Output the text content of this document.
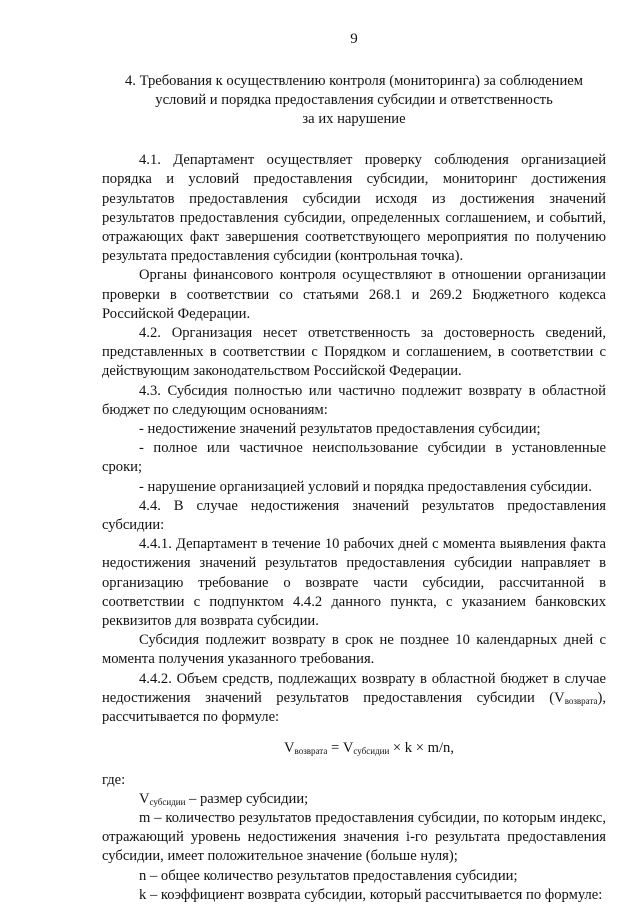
9
4. Требования к осуществлению контроля (мониторинга) за соблюдением
условий и порядка предоставления субсидии и ответственность
за их нарушение

4.1. Департамент осуществляет проверку соблюдения организацией порядка и условий предоставления субсидии, мониторинг достижения результатов предоставления субсидии исходя из достижения значений результатов предоставления субсидии, определенных соглашением, и событий, отражающих факт завершения соответствующего мероприятия по получению результата предоставления субсидии (контрольная точка).

Органы финансового контроля осуществляют в отношении организации проверки в соответствии со статьями 268.1 и 269.2 Бюджетного кодекса Российской Федерации.

4.2. Организация несет ответственность за достоверность сведений, представленных в соответствии с Порядком и соглашением, в соответствии с действующим законодательством Российской Федерации.

4.3. Субсидия полностью или частично подлежит возврату в областной бюджет по следующим основаниям:

- недостижение значений результатов предоставления субсидии;

- полное или частичное неиспользование субсидии в установленные сроки;

- нарушение организацией условий и порядка предоставления субсидии.

4.4. В случае недостижения значений результатов предоставления субсидии:

4.4.1. Департамент в течение 10 рабочих дней с момента выявления факта недостижения значений результатов предоставления субсидии направляет в организацию требование о возврате части субсидии, рассчитанной в соответствии с подпунктом 4.4.2 данного пункта, с указанием банковских реквизитов для возврата субсидии.

Субсидия подлежит возврату в срок не позднее 10 календарных дней с момента получения указанного требования.

4.4.2. Объем средств, подлежащих возврату в областной бюджет в случае недостижения значений результатов предоставления субсидии $(V_{возврата})$, рассчитывается по формуле:

$V_{возврата} = V_{субсидии} \times k \times m/n$,

где:

$V_{субсидии}$ – размер субсидии;

m – количество результатов предоставления субсидии, по которым индекс, отражающий уровень недостижения значения i-го результата предоставления субсидии, имеет положительное значение (больше нуля);

n – общее количество результатов предоставления субсидии;

k – коэффициент возврата субсидии, который рассчитывается по формуле:
